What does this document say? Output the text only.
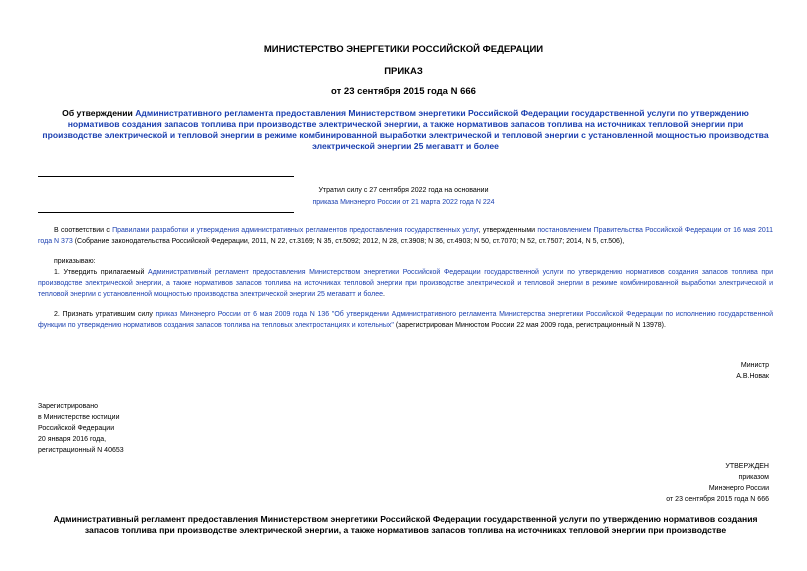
МИНИСТЕРСТВО ЭНЕРГЕТИКИ РОССИЙСКОЙ ФЕДЕРАЦИИ
ПРИКАЗ
от 23 сентября 2015 года N 666
Об утверждении Административного регламента предоставления Министерством энергетики Российской Федерации государственной услуги по утверждению нормативов создания запасов топлива при производстве электрической энергии, а также нормативов запасов топлива на источниках тепловой энергии при производстве электрической и тепловой энергии в режиме комбинированной выработки электрической и тепловой энергии с установленной мощностью производства электрической энергии 25 мегаватт и более
Утратил силу с 27 сентября 2022 года на основании
приказа Минэнерго России от 21 марта 2022 года N 224
В соответствии с Правилами разработки и утверждения административных регламентов предоставления государственных услуг, утвержденными постановлением Правительства Российской Федерации от 16 мая 2011 года N 373 (Собрание законодательства Российской Федерации, 2011, N 22, ст.3169; N 35, ст.5092; 2012, N 28, ст.3908; N 36, ст.4903; N 50, ст.7070; N 52, ст.7507; 2014, N 5, ст.506),
приказываю:
1. Утвердить прилагаемый Административный регламент предоставления Министерством энергетики Российской Федерации государственной услуги по утверждению нормативов создания запасов топлива при производстве электрической энергии, а также нормативов запасов топлива на источниках тепловой энергии при производстве электрической и тепловой энергии в режиме комбинированной выработки электрической и тепловой энергии с установленной мощностью производства электрической энергии 25 мегаватт и более.
2. Признать утратившим силу приказ Минэнерго России от 6 мая 2009 года N 136 "Об утверждении Административного регламента Министерства энергетики Российской Федерации по исполнению государственной функции по утверждению нормативов создания запасов топлива на тепловых электростанциях и котельных" (зарегистрирован Минюстом России 22 мая 2009 года, регистрационный N 13978).
Министр
А.В.Новак
Зарегистрировано
в Министерстве юстиции
Российской Федерации
20 января 2016 года,
регистрационный N 40653
УТВЕРЖДЕН
приказом
Минэнерго России
от 23 сентября 2015 года N 666
Административный регламент предоставления Министерством энергетики Российской Федерации государственной услуги по утверждению нормативов создания запасов топлива при производстве электрической энергии, а также нормативов запасов топлива на источниках тепловой энергии при производстве
